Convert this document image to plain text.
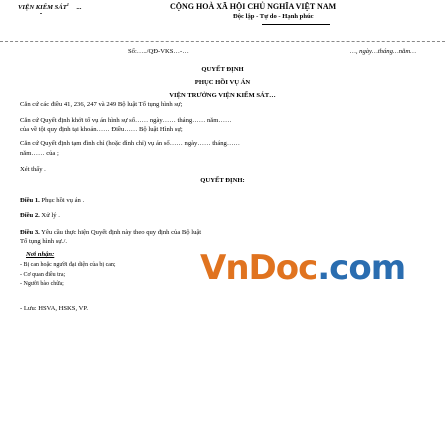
VIỆN KIỂM SÁT$^1$ ...	CỘNG HOÀ XÃ HỘI CHỦ NGHĨA VIỆT NAM
Độc lập - Tự do - Hạnh phúc
Số:…../QĐ-VKS…-…	…, ngày…tháng…năm…
QUYẾT ĐỊNH
PHỤC HỒI VỤ ÁN
VIỆN TRƯỞNG VIỆN KIỂM SÁT…
Căn cứ các điều 41, 236, 247 và 249 Bộ luật Tố tụng hình sự;
Căn cứ Quyết định khởi tố vụ án hình sự số…… ngày…… tháng…… năm……
của về tội quy định tại khoản…… Điều…… Bộ luật Hình sự;
Căn cứ Quyết định tạm đình chỉ (hoặc đình chỉ) vụ án số…… ngày…… tháng……
năm…… của ;
Xét thấy .
QUYẾT ĐỊNH:
Điều 1. Phục hồi vụ án .
Điều 2. Xử lý .
Điều 3. Yêu cầu thực hiện Quyết định này theo quy định của Bộ luật
Tố tụng hình sự./.
Nơi nhận:
- Bị can hoặc người đại diện của bị can;
- Cơ quan điều tra;
- Người bào chữa;
- Lưu: HSVA, HSKS, VP.
VnDoc.com
